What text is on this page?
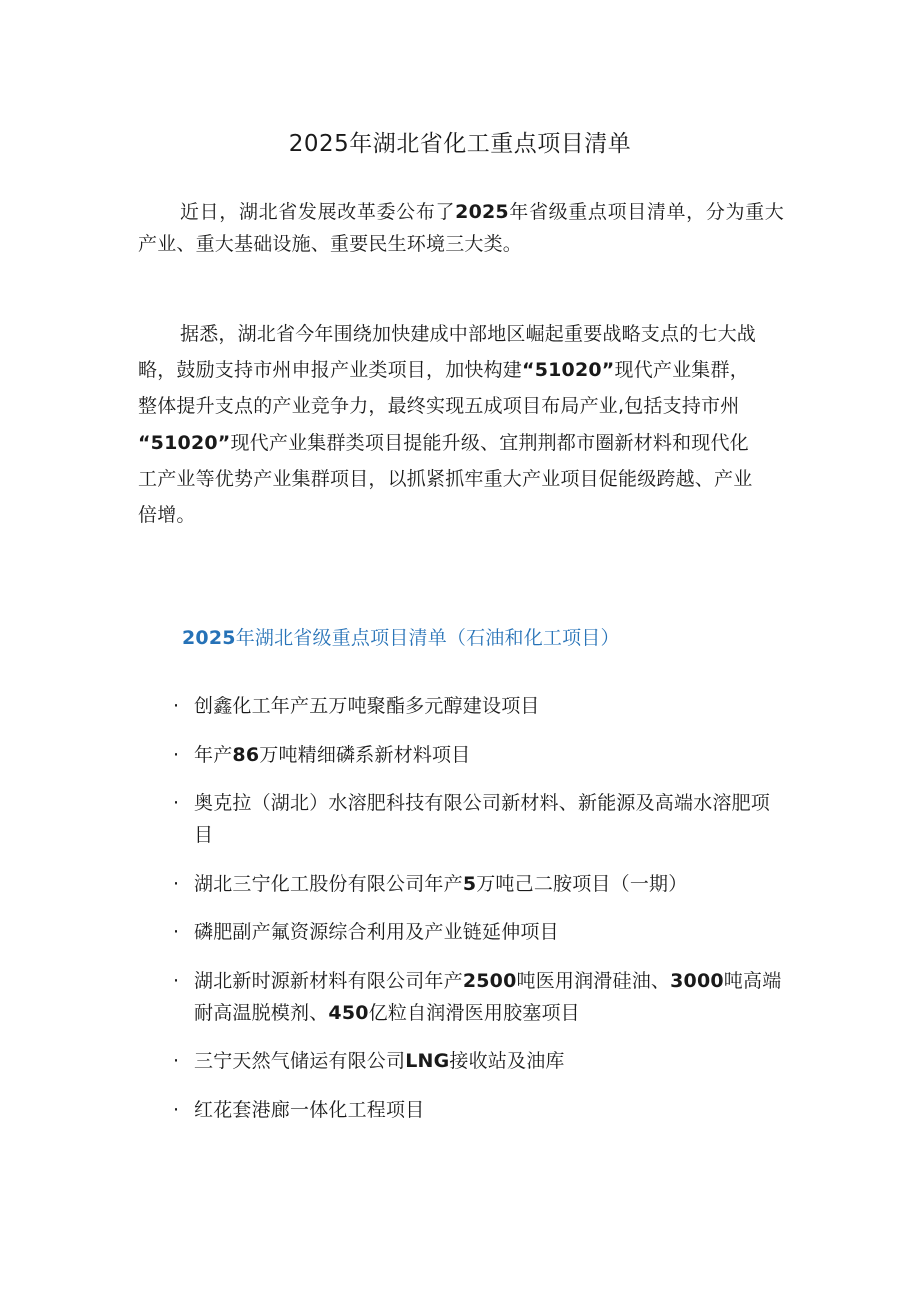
2025年湖北省化工重点项目清单

近日，湖北省发展改革委公布了2025年省级重点项目清单，分为重大产业、重大基础设施、重要民生环境三大类。

据悉，湖北省今年围绕加快建成中部地区崛起重要战略支点的七大战
略，鼓励支持市州申报产业类项目，加快构建“51020”现代产业集群，
整体提升支点的产业竞争力，最终实现五成项目布局产业,包括支持市州
“51020”现代产业集群类项目提能升级、宜荆荆都市圈新材料和现代化
工产业等优势产业集群项目，以抓紧抓牢重大产业项目促能级跨越、产业
倍增。

2025年湖北省级重点项目清单（石油和化工项目）
· 创鑫化工年产五万吨聚酯多元醇建设项目
· 年产86万吨精细磷系新材料项目
· 奥克拉（湖北）水溶肥科技有限公司新材料、新能源及高端水溶肥项目
· 湖北三宁化工股份有限公司年产5万吨己二胺项目（一期）
· 磷肥副产氟资源综合利用及产业链延伸项目
· 湖北新时源新材料有限公司年产2500吨医用润滑硅油、3000吨高端耐高温脱模剂、450亿粒自润滑医用胶塞项目
· 三宁天然气储运有限公司LNG接收站及油库
· 红花套港廊一体化工程项目
